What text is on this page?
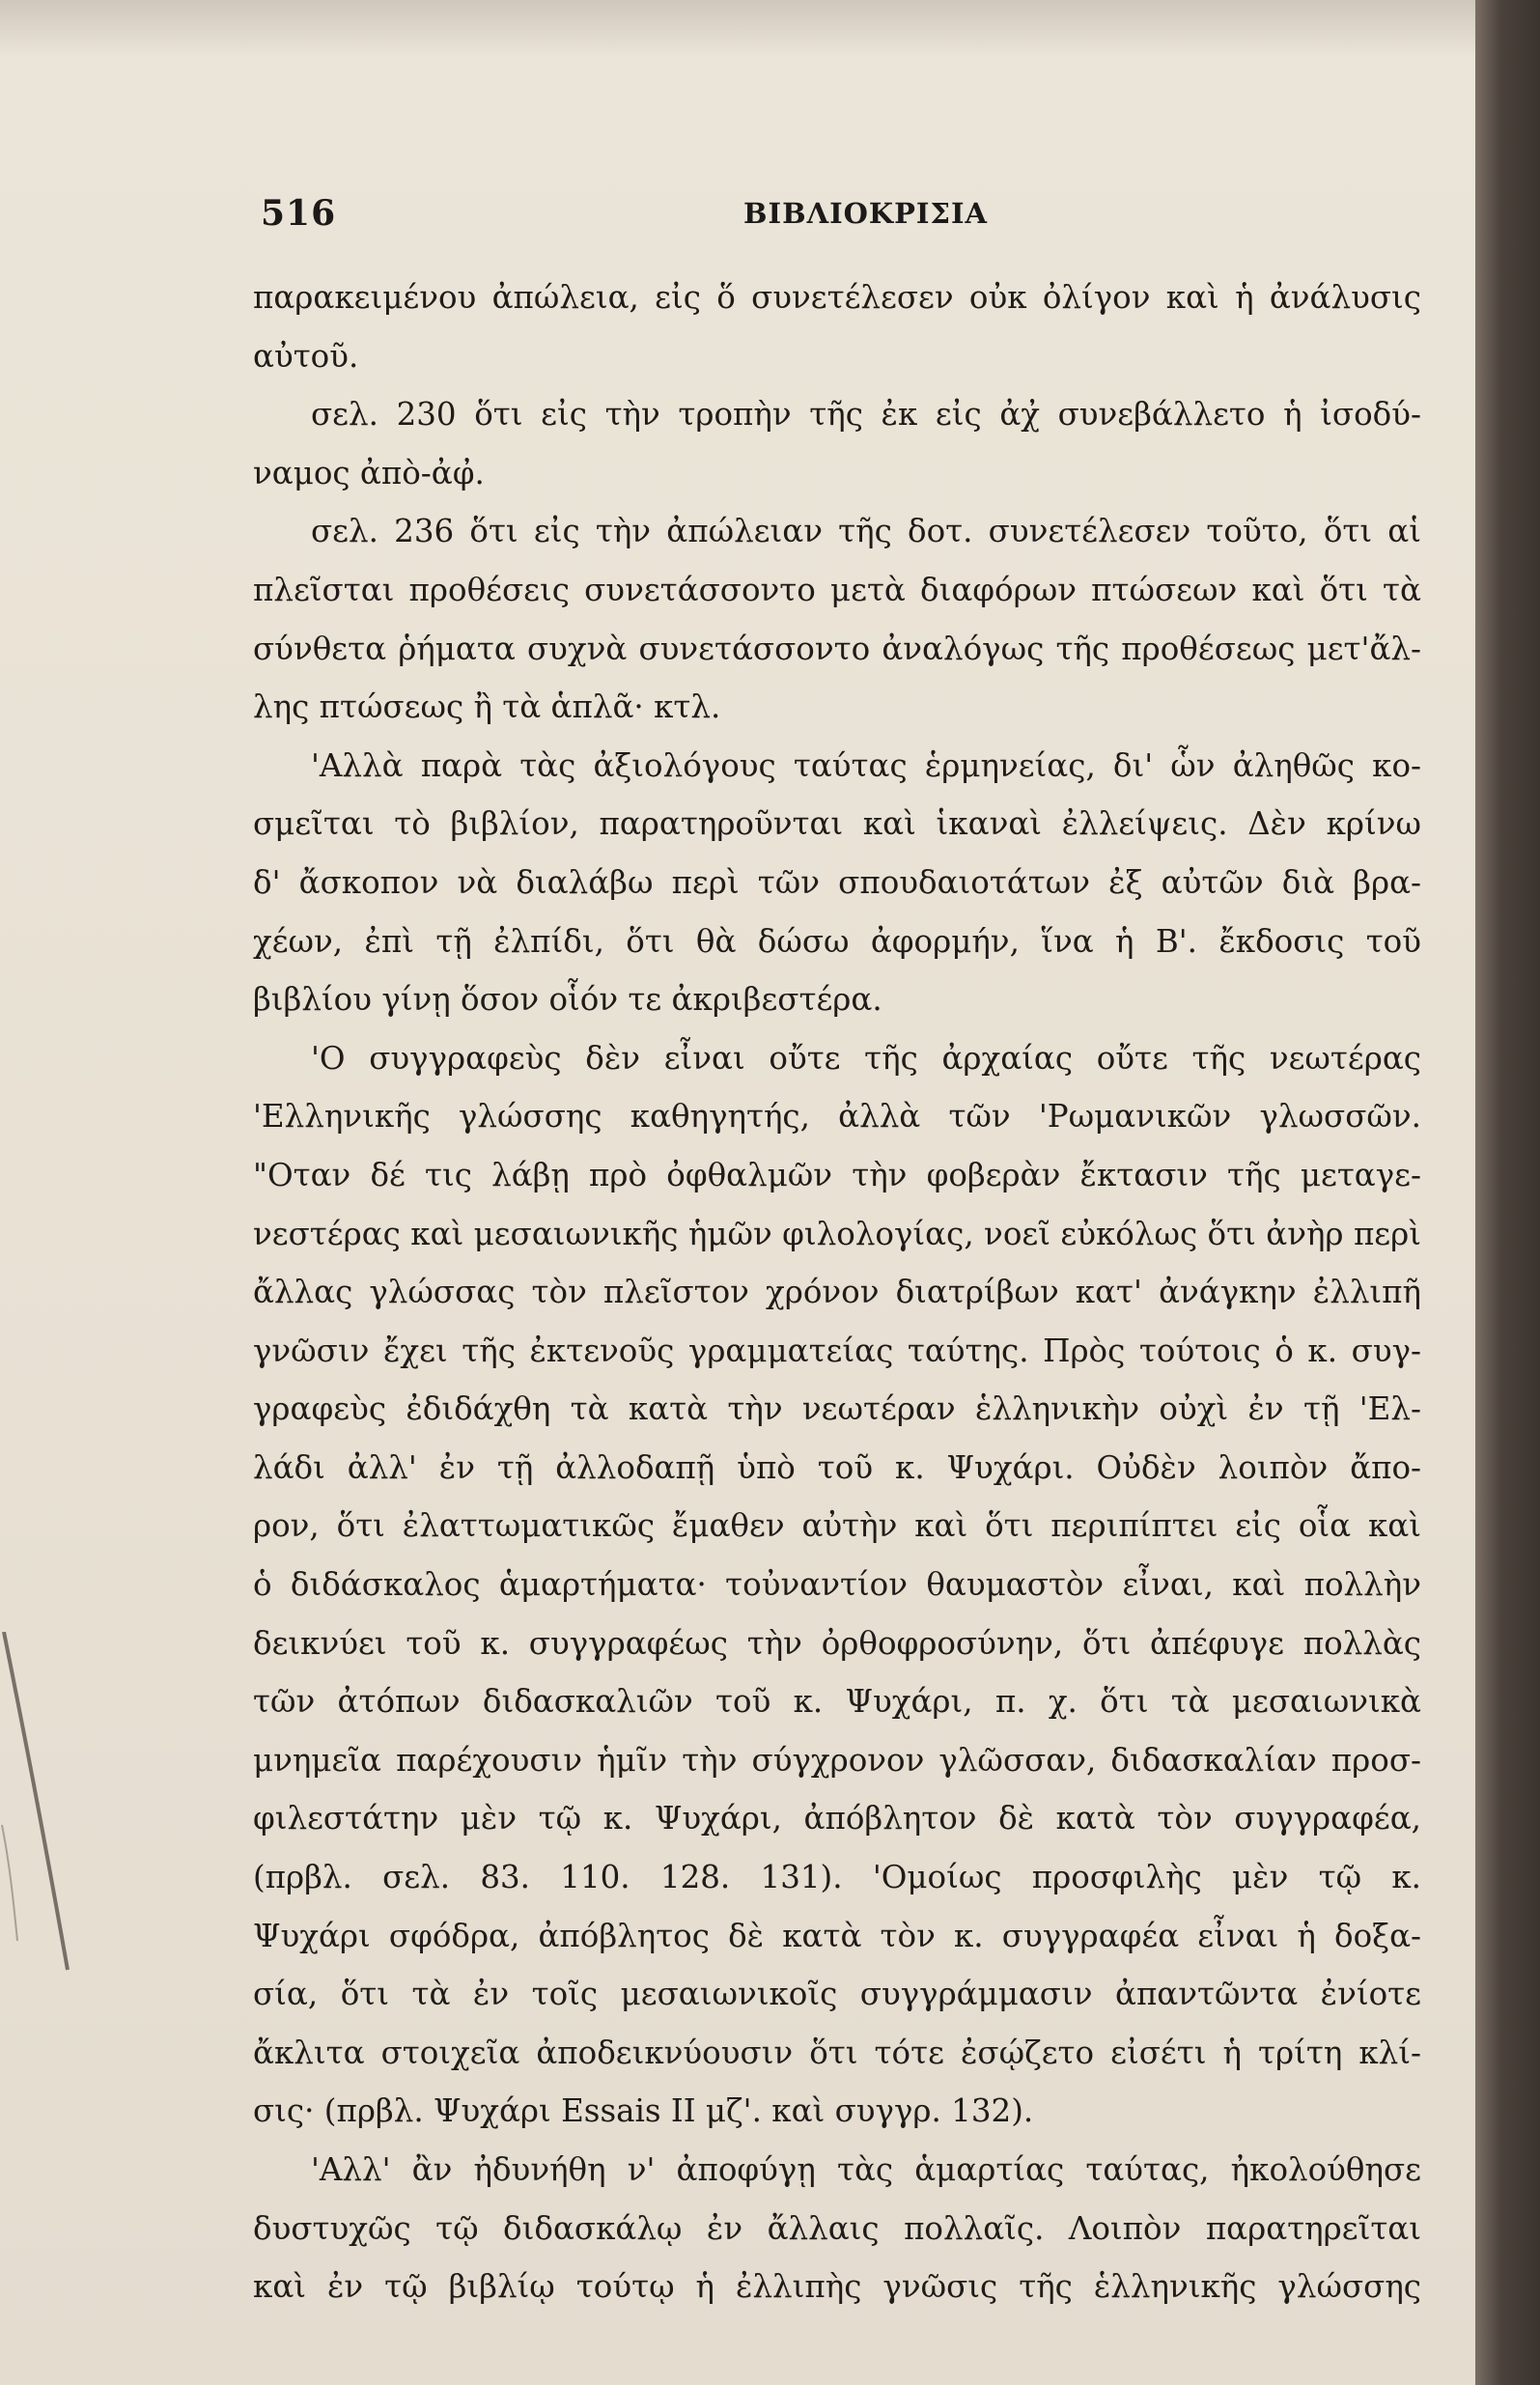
516	ΒΙΒΛΙΟΚΡΙΣΙΑ
παρακειμένου ἀπώλεια, εἰς ὅ συνετέλεσεν οὐκ ὀλίγον καὶ ἡ ἀνάλυσις
αὐτοῦ.
σελ. 230 ὅτι εἰς τὴν τροπὴν τῆς ἐκ εἰς ἀχ̓ συνεβάλλετο ἡ ἰσοδύ-
ναμος ἀπὸ-ἀφ̓.
σελ. 236 ὅτι εἰς τὴν ἀπώλειαν τῆς δοτ. συνετέλεσεν τοῦτο, ὅτι αἱ
πλεῖσται προθέσεις συνετάσσοντο μετὰ διαφόρων πτώσεων καὶ ὅτι τὰ
σύνθετα ῥήματα συχνὰ συνετάσσοντο ἀναλόγως τῆς προθέσεως μετ'ἄλ-
λης πτώσεως ἢ τὰ ἁπλᾶ· κτλ.
'Αλλὰ παρὰ τὰς ἀξιολόγους ταύτας ἑρμηνείας, δι' ὧν ἀληθῶς κο-
σμεῖται τὸ βιβλίον, παρατηροῦνται καὶ ἱκαναὶ ἐλλείψεις. Δὲν κρίνω
δ' ἄσκοπον νὰ διαλάβω περὶ τῶν σπουδαιοτάτων ἐξ αὐτῶν διὰ βρα-
χέων, ἐπὶ τῇ ἐλπίδι, ὅτι θὰ δώσω ἀφορμήν, ἵνα ἡ Β'. ἔκδοσις τοῦ
βιβλίου γίνῃ ὅσον οἷόν τε ἀκριβεστέρα.
'Ο συγγραφεὺς δὲν εἶναι οὔτε τῆς ἀρχαίας οὔτε τῆς νεωτέρας
'Ελληνικῆς γλώσσης καθηγητής, ἀλλὰ τῶν 'Ρωμανικῶν γλωσσῶν.
"Οταν δέ τις λάβῃ πρὸ ὀφθαλμῶν τὴν φοβερὰν ἔκτασιν τῆς μεταγε-
νεστέρας καὶ μεσαιωνικῆς ἡμῶν φιλολογίας, νοεῖ εὐκόλως ὅτι ἀνὴρ περὶ
ἄλλας γλώσσας τὸν πλεῖστον χρόνον διατρίβων κατ' ἀνάγκην ἐλλιπῆ
γνῶσιν ἔχει τῆς ἐκτενοῦς γραμματείας ταύτης. Πρὸς τούτοις ὁ κ. συγ-
γραφεὺς ἐδιδάχθη τὰ κατὰ τὴν νεωτέραν ἑλληνικὴν οὐχὶ ἐν τῇ 'Ελ-
λάδι ἀλλ' ἐν τῇ ἀλλοδαπῇ ὑπὸ τοῦ κ. Ψυχάρι. Οὐδὲν λοιπὸν ἄπο-
ρον, ὅτι ἐλαττωματικῶς ἔμαθεν αὐτὴν καὶ ὅτι περιπίπτει εἰς οἷα καὶ
ὁ διδάσκαλος ἁμαρτήματα· τοὐναντίον θαυμαστὸν εἶναι, καὶ πολλὴν
δεικνύει τοῦ κ. συγγραφέως τὴν ὀρθοφροσύνην, ὅτι ἀπέφυγε πολλὰς
τῶν ἀτόπων διδασκαλιῶν τοῦ κ. Ψυχάρι, π. χ. ὅτι τὰ μεσαιωνικὰ
μνημεῖα παρέχουσιν ἡμῖν τὴν σύγχρονον γλῶσσαν, διδασκαλίαν προσ-
φιλεστάτην μὲν τῷ κ. Ψυχάρι, ἀπόβλητον δὲ κατὰ τὸν συγγραφέα,
(πρβλ. σελ. 83. 110. 128. 131). 'Ομοίως προσφιλὴς μὲν τῷ κ.
Ψυχάρι σφόδρα, ἀπόβλητος δὲ κατὰ τὸν κ. συγγραφέα εἶναι ἡ δοξα-
σία, ὅτι τὰ ἐν τοῖς μεσαιωνικοῖς συγγράμμασιν ἀπαντῶντα ἐνίοτε
ἄκλιτα στοιχεῖα ἀποδεικνύουσιν ὅτι τότε ἐσῴζετο εἰσέτι ἡ τρίτη κλί-
σις· (πρβλ. Ψυχάρι Essais II μζ'. καὶ συγγρ. 132).
'Αλλ' ἂν ἠδυνήθη ν' ἀποφύγῃ τὰς ἁμαρτίας ταύτας, ἠκολούθησε
δυστυχῶς τῷ διδασκάλῳ ἐν ἄλλαις πολλαῖς. Λοιπὸν παρατηρεῖται
καὶ ἐν τῷ βιβλίῳ τούτῳ ἡ ἐλλιπὴς γνῶσις τῆς ἑλληνικῆς γλώσσης
